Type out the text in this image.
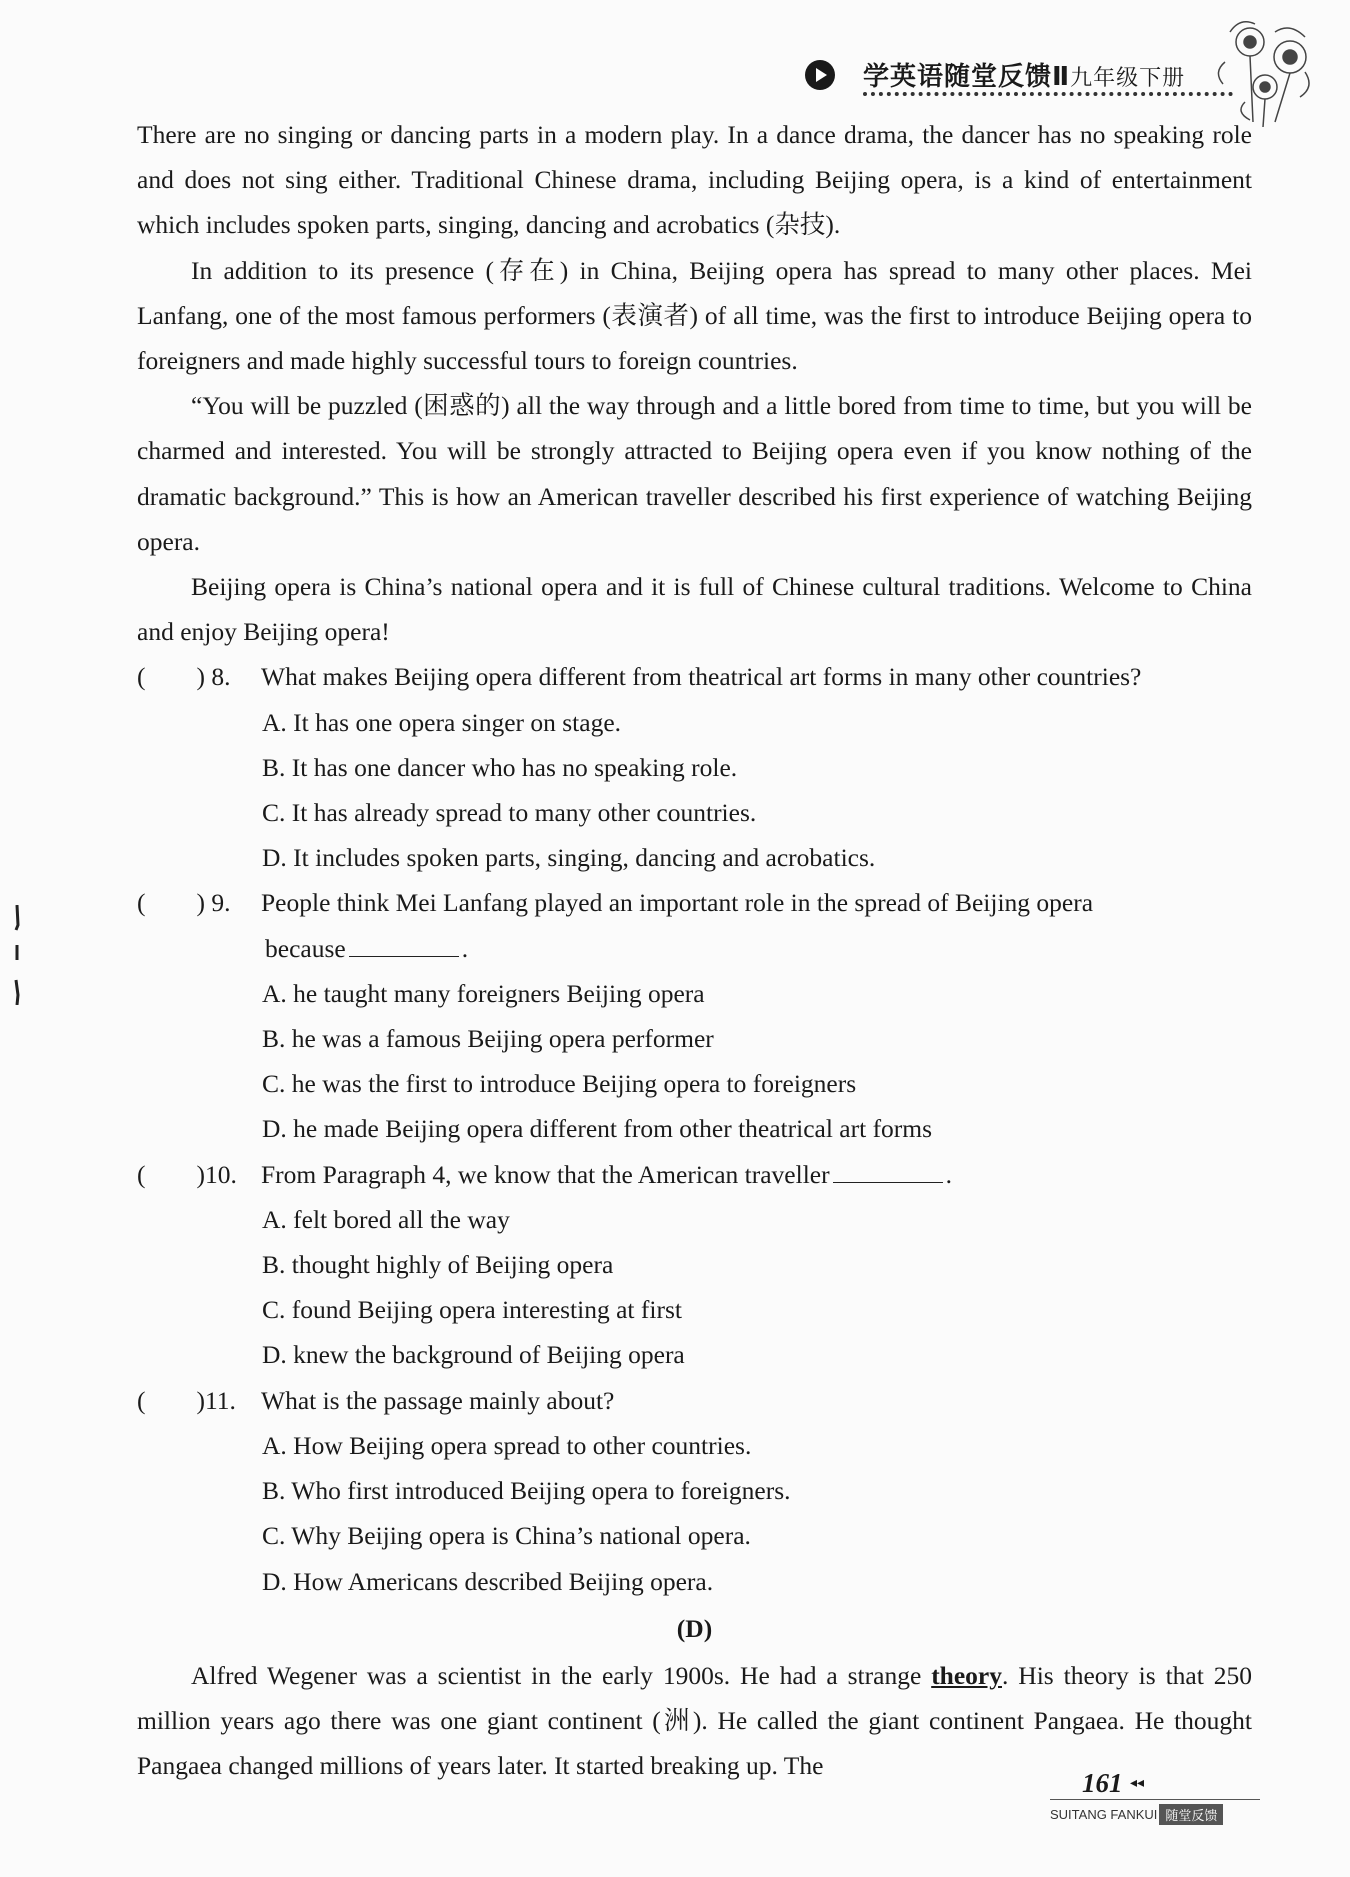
学英语随堂反馈Ⅱ九年级下册

There are no singing or dancing parts in a modern play. In a dance drama, the dancer has no speaking role and does not sing either. Traditional Chinese drama, including Beijing opera, is a kind of entertainment which includes spoken parts, singing, dancing and acrobatics (杂技).

In addition to its presence (存在) in China, Beijing opera has spread to many other places. Mei Lanfang, one of the most famous performers (表演者) of all time, was the first to introduce Beijing opera to foreigners and made highly successful tours to foreign countries.

“You will be puzzled (困惑的) all the way through and a little bored from time to time, but you will be charmed and interested. You will be strongly attracted to Beijing opera even if you know nothing of the dramatic background.” This is how an American traveller described his first experience of watching Beijing opera.

Beijing opera is China’s national opera and it is full of Chinese cultural traditions. Welcome to China and enjoy Beijing opera!

(        ) 8.	What makes Beijing opera different from theatrical art forms in many other countries?
A. It has one opera singer on stage.
B. It has one dancer who has no speaking role.
C. It has already spread to many other countries.
D. It includes spoken parts, singing, dancing and acrobatics.
(        ) 9.	People think Mei Lanfang played an important role in the spread of Beijing opera
because	.
A. he taught many foreigners Beijing opera
B. he was a famous Beijing opera performer
C. he was the first to introduce Beijing opera to foreigners
D. he made Beijing opera different from other theatrical art forms
(        )10. From Paragraph 4, we know that the American traveller	.
A. felt bored all the way
B. thought highly of Beijing opera
C. found Beijing opera interesting at first
D. knew the background of Beijing opera
(        )11. What is the passage mainly about?
A. How Beijing opera spread to other countries.
B. Who first introduced Beijing opera to foreigners.
C. Why Beijing opera is China’s national opera.
D. How Americans described Beijing opera.
(D)

Alfred Wegener was a scientist in the early 1900s. He had a strange theory. His theory is that 250 million years ago there was one giant continent (洲). He called the giant continent Pangaea. He thought Pangaea changed millions of years later. It started breaking up. The

161 ◂◂
SUITANG FANKUI 随堂反馈
